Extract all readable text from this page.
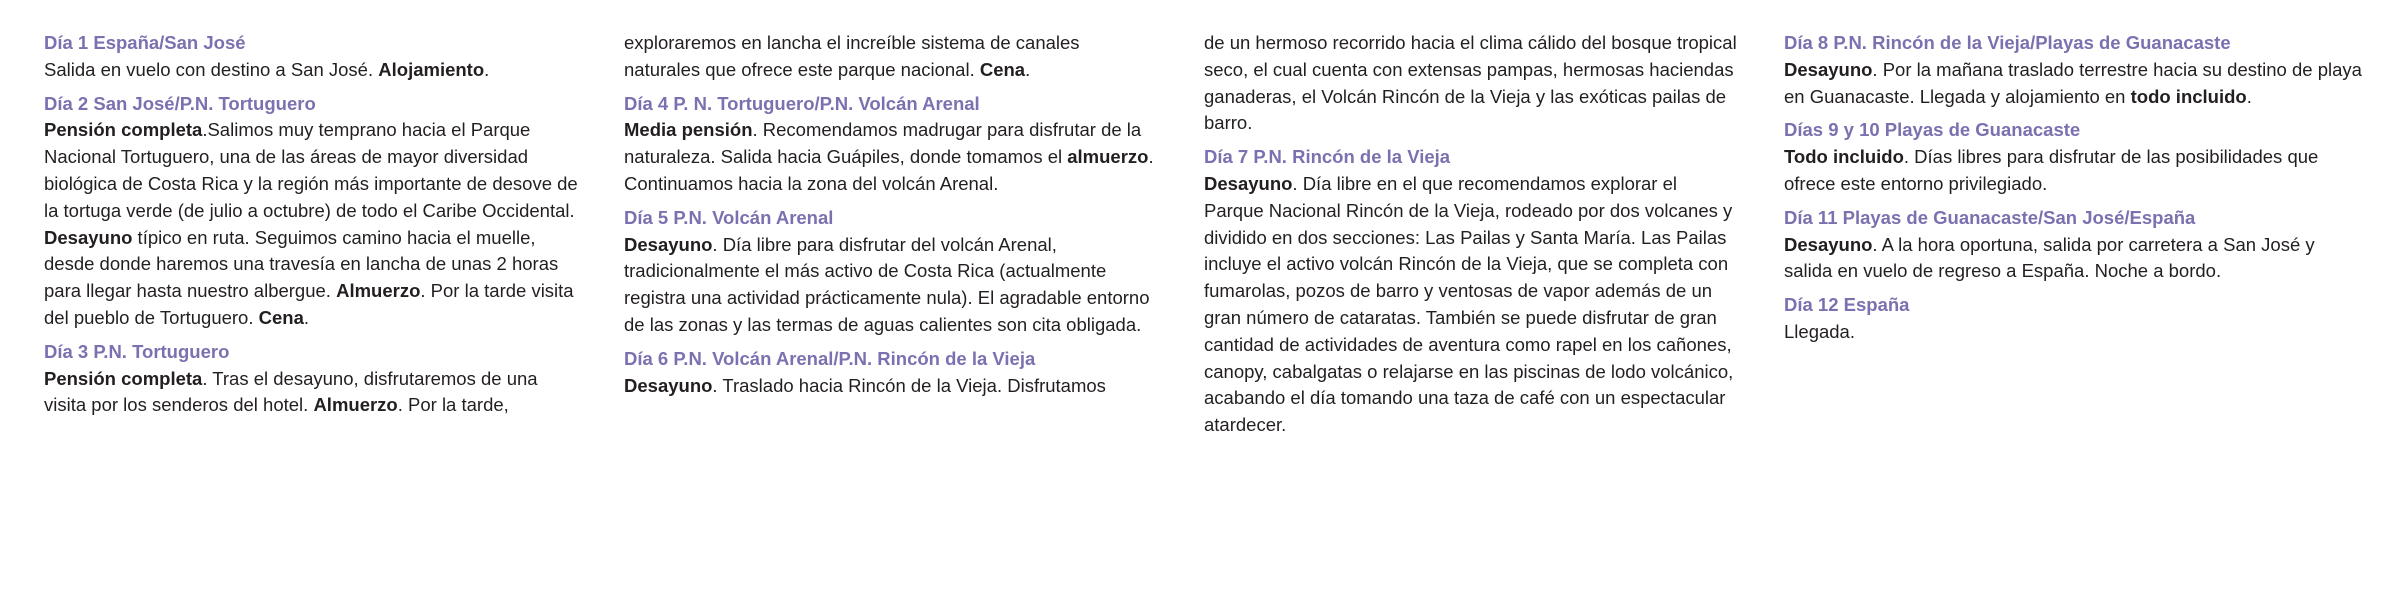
Día 1 España/San José

Salida en vuelo con destino a San José. Alojamiento.

Día 2 San José/P.N. Tortuguero

Pensión completa.Salimos muy temprano hacia el Parque Nacional Tortuguero, una de las áreas de mayor diversidad biológica de Costa Rica y la región más importante de desove de la tortuga verde (de julio a octubre) de todo el Caribe Occidental. Desayuno típico en ruta. Seguimos camino hacia el muelle, desde donde haremos una travesía en lancha de unas 2 horas para llegar hasta nuestro albergue. Almuerzo. Por la tarde visita del pueblo de Tortuguero. Cena.

Día 3 P.N. Tortuguero

Pensión completa. Tras el desayuno, disfrutaremos de una visita por los senderos del hotel. Almuerzo. Por la tarde,

exploraremos en lancha el increíble sistema de canales naturales que ofrece este parque nacional. Cena.

Día 4 P. N. Tortuguero/P.N. Volcán Arenal

Media pensión. Recomendamos madrugar para disfrutar de la naturaleza. Salida hacia Guápiles, donde tomamos el almuerzo. Continuamos hacia la zona del volcán Arenal.

Día 5 P.N. Volcán Arenal

Desayuno. Día libre para disfrutar del volcán Arenal, tradicionalmente el más activo de Costa Rica (actualmente registra una actividad prácticamente nula). El agradable entorno de las zonas y las termas de aguas calientes son cita obligada.

Día 6 P.N. Volcán Arenal/P.N. Rincón de la Vieja

Desayuno. Traslado hacia Rincón de la Vieja. Disfrutamos

de un hermoso recorrido hacia el clima cálido del bosque tropical seco, el cual cuenta con extensas pampas, hermosas haciendas ganaderas, el Volcán Rincón de la Vieja y las exóticas pailas de barro.

Día 7 P.N. Rincón de la Vieja

Desayuno. Día libre en el que recomendamos explorar el Parque Nacional Rincón de la Vieja, rodeado por dos volcanes y dividido en dos secciones: Las Pailas y Santa María. Las Pailas incluye el activo volcán Rincón de la Vieja, que se completa con fumarolas, pozos de barro y ventosas de vapor además de un gran número de cataratas. También se puede disfrutar de gran cantidad de actividades de aventura como rapel en los cañones, canopy, cabalgatas o relajarse en las piscinas de lodo volcánico, acabando el día tomando una taza de café con un espectacular atardecer.

Día 8 P.N. Rincón de la Vieja/Playas de Guanacaste

Desayuno. Por la mañana traslado terrestre hacia su destino de playa en Guanacaste. Llegada y alojamiento en todo incluido.

Días 9 y 10 Playas de Guanacaste

Todo incluido. Días libres para disfrutar de las posibilidades que ofrece este entorno privilegiado.

Día 11 Playas de Guanacaste/San José/España

Desayuno. A la hora oportuna, salida por carretera a San José y salida en vuelo de regreso a España. Noche a bordo.

Día 12 España

Llegada.
